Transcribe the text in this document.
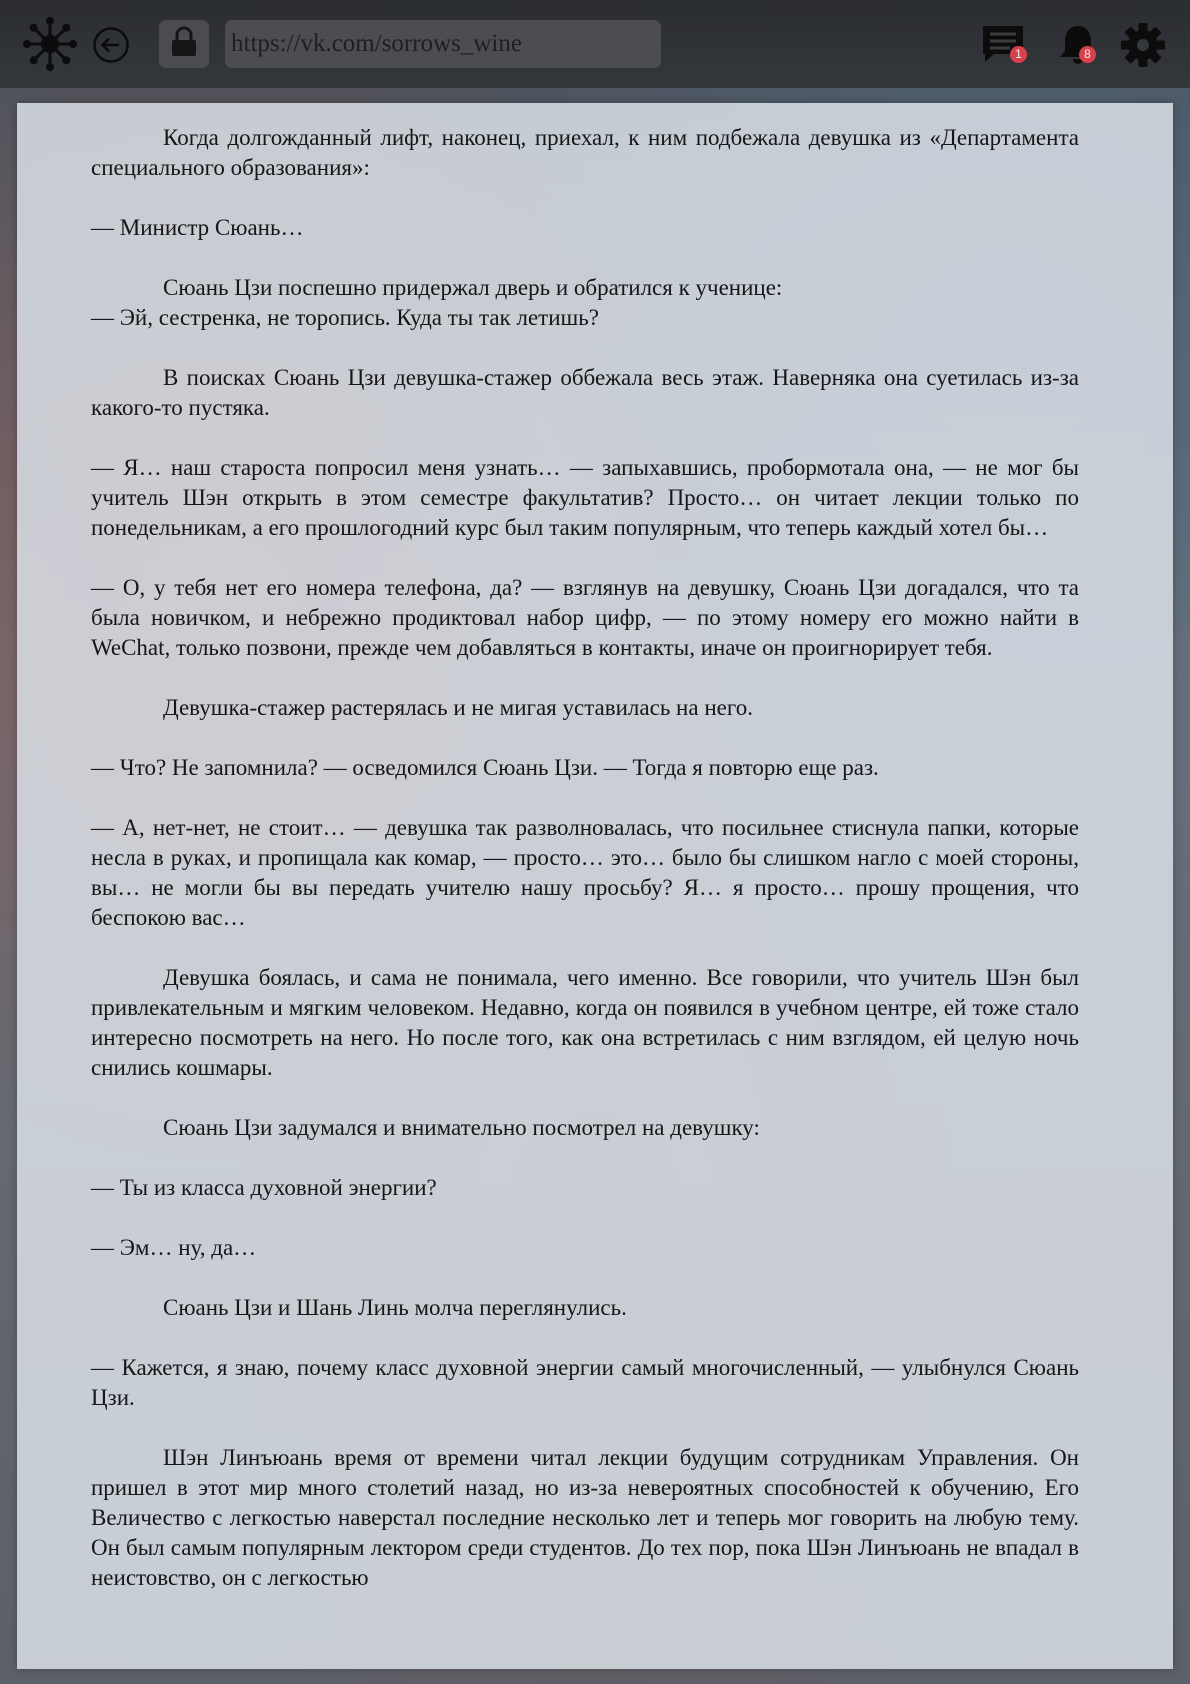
https://vk.com/sorrows_wine
1	8

Когда долгожданный лифт, наконец, приехал, к ним подбежала девушка из «Департамента специального образования»:

— Министр Сюань…

Сюань Цзи поспешно придержал дверь и обратился к ученице:

— Эй, сестренка, не торопись. Куда ты так летишь?

В поисках Сюань Цзи девушка-стажер оббежала весь этаж. Наверняка она суетилась из-за какого-то пустяка.

— Я… наш староста попросил меня узнать… — запыхавшись, пробормотала она, — не мог бы учитель Шэн открыть в этом семестре факультатив? Просто… он читает лекции только по понедельникам, а его прошлогодний курс был таким популярным, что теперь каждый хотел бы…

— О, у тебя нет его номера телефона, да? — взглянув на девушку, Сюань Цзи догадался, что та была новичком, и небрежно продиктовал набор цифр, — по этому номеру его можно найти в WeChat, только позвони, прежде чем добавляться в контакты, иначе он проигнорирует тебя.

Девушка-стажер растерялась и не мигая уставилась на него.

— Что? Не запомнила? — осведомился Сюань Цзи. — Тогда я повторю еще раз.

— А, нет-нет, не стоит… — девушка так разволновалась, что посильнее стиснула папки, которые несла в руках, и пропищала как комар, — просто… это… было бы слишком нагло с моей стороны, вы… не могли бы вы передать учителю нашу просьбу? Я… я просто… прошу прощения, что беспокою вас…

Девушка боялась, и сама не понимала, чего именно. Все говорили, что учитель Шэн был привлекательным и мягким человеком. Недавно, когда он появился в учебном центре, ей тоже стало интересно посмотреть на него. Но после того, как она встретилась с ним взглядом, ей целую ночь снились кошмары.

Сюань Цзи задумался и внимательно посмотрел на девушку:

— Ты из класса духовной энергии?

— Эм… ну, да…

Сюань Цзи и Шань Линь молча переглянулись.

— Кажется, я знаю, почему класс духовной энергии самый многочисленный, — улыбнулся Сюань Цзи.

Шэн Линъюань время от времени читал лекции будущим сотрудникам Управления. Он пришел в этот мир много столетий назад, но из-за невероятных способностей к обучению, Его Величество с легкостью наверстал последние несколько лет и теперь мог говорить на любую тему. Он был самым популярным лектором среди студентов. До тех пор, пока Шэн Линъюань не впадал в неистовство, он с легкостью
